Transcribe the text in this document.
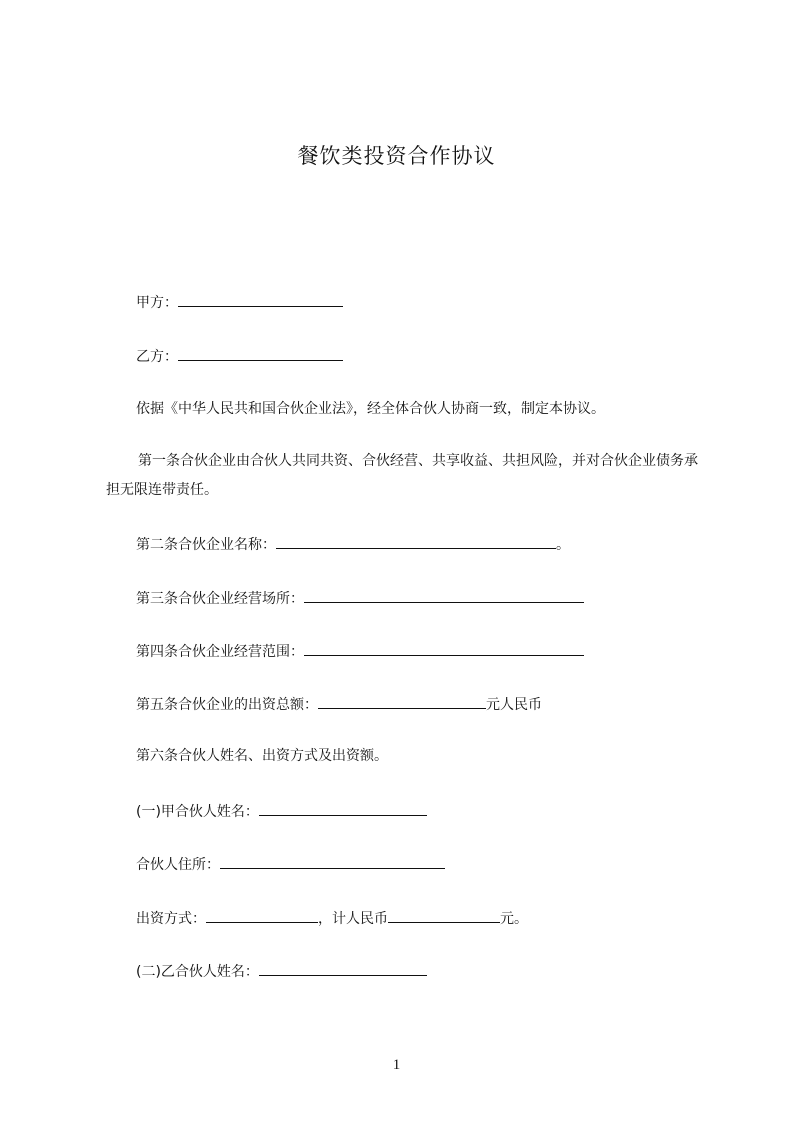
餐饮类投资合作协议
甲方：
乙方：
依据《中华人民共和国合伙企业法》，经全体合伙人协商一致，制定本协议。
第一条合伙企业由合伙人共同共资、合伙经营、共享收益、共担风险，并对合伙企业债务承担无限连带责任。
第二条合伙企业名称：	。
第三条合伙企业经营场所：
第四条合伙企业经营范围：
第五条合伙企业的出资总额：	元人民币
第六条合伙人姓名、出资方式及出资额。
(一)甲合伙人姓名：
合伙人住所：
出资方式：	，计人民币	元。
(二)乙合伙人姓名：
1
